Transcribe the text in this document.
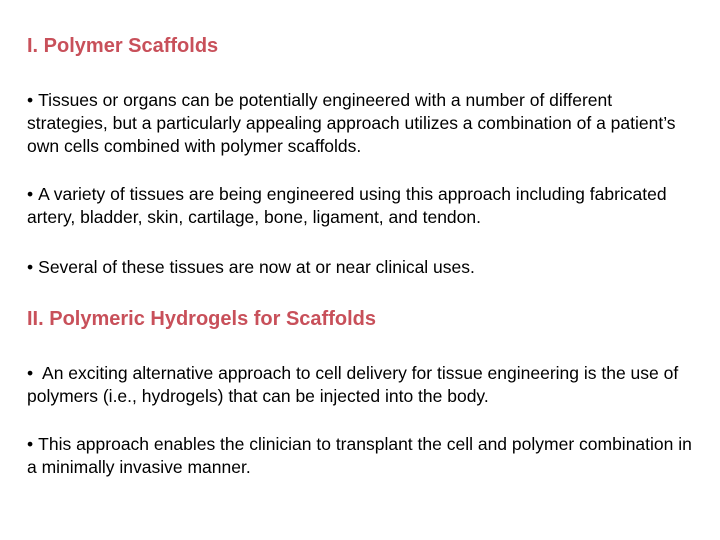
I. Polymer Scaffolds

• Tissues or organs can be potentially engineered with a number of different strategies, but a particularly appealing approach utilizes a combination of a patient’s own cells combined with polymer scaffolds.

• A variety of tissues are being engineered using this approach including fabricated artery, bladder, skin, cartilage, bone, ligament, and tendon.

• Several of these tissues are now at or near clinical uses.

II. Polymeric Hydrogels for Scaffolds

• An exciting alternative approach to cell delivery for tissue engineering is the use of polymers (i.e., hydrogels) that can be injected into the body.

• This approach enables the clinician to transplant the cell and polymer combination in a minimally invasive manner.
